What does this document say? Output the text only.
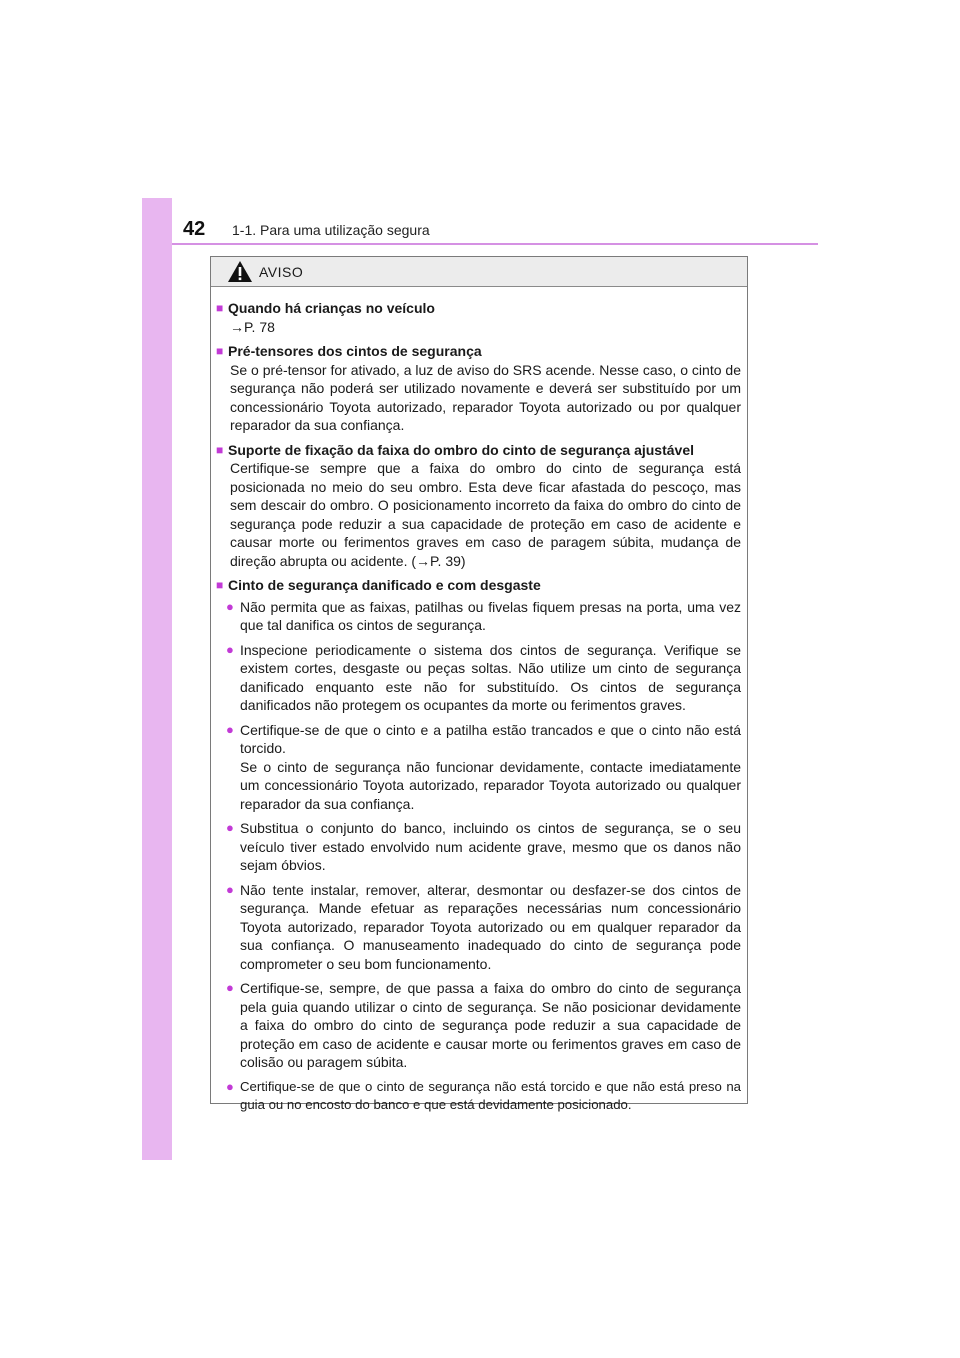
42 1-1. Para uma utilização segura
AVISO
■ Quando há crianças no veículo
→P. 78
■ Pré-tensores dos cintos de segurança
Se o pré-tensor for ativado, a luz de aviso do SRS acende. Nesse caso, o cinto de segurança não poderá ser utilizado novamente e deverá ser substituído por um concessionário Toyota autorizado, reparador Toyota autorizado ou por qualquer reparador da sua confiança.
■ Suporte de fixação da faixa do ombro do cinto de segurança ajustável
Certifique-se sempre que a faixa do ombro do cinto de segurança está posicionada no meio do seu ombro. Esta deve ficar afastada do pescoço, mas sem descair do ombro. O posicionamento incorreto da faixa do ombro do cinto de segurança pode reduzir a sua capacidade de proteção em caso de acidente e causar morte ou ferimentos graves em caso de paragem súbita, mudança de direção abrupta ou acidente. (→P. 39)
■ Cinto de segurança danificado e com desgaste
● Não permita que as faixas, patilhas ou fivelas fiquem presas na porta, uma vez que tal danifica os cintos de segurança.
● Inspecione periodicamente o sistema dos cintos de segurança. Verifique se existem cortes, desgaste ou peças soltas. Não utilize um cinto de segurança danificado enquanto este não for substituído. Os cintos de segurança danificados não protegem os ocupantes da morte ou ferimentos graves.
● Certifique-se de que o cinto e a patilha estão trancados e que o cinto não está torcido.
Se o cinto de segurança não funcionar devidamente, contacte imediatamente um concessionário Toyota autorizado, reparador Toyota autorizado ou qualquer reparador da sua confiança.
● Substitua o conjunto do banco, incluindo os cintos de segurança, se o seu veículo tiver estado envolvido num acidente grave, mesmo que os danos não sejam óbvios.
● Não tente instalar, remover, alterar, desmontar ou desfazer-se dos cintos de segurança. Mande efetuar as reparações necessárias num concessionário Toyota autorizado, reparador Toyota autorizado ou em qualquer reparador da sua confiança. O manuseamento inadequado do cinto de segurança pode comprometer o seu bom funcionamento.
● Certifique-se, sempre, de que passa a faixa do ombro do cinto de segurança pela guia quando utilizar o cinto de segurança. Se não posicionar devidamente a faixa do ombro do cinto de segurança pode reduzir a sua capacidade de proteção em caso de acidente e causar morte ou ferimentos graves em caso de colisão ou paragem súbita.
● Certifique-se de que o cinto de segurança não está torcido e que não está preso na guia ou no encosto do banco e que está devidamente posicionado.
